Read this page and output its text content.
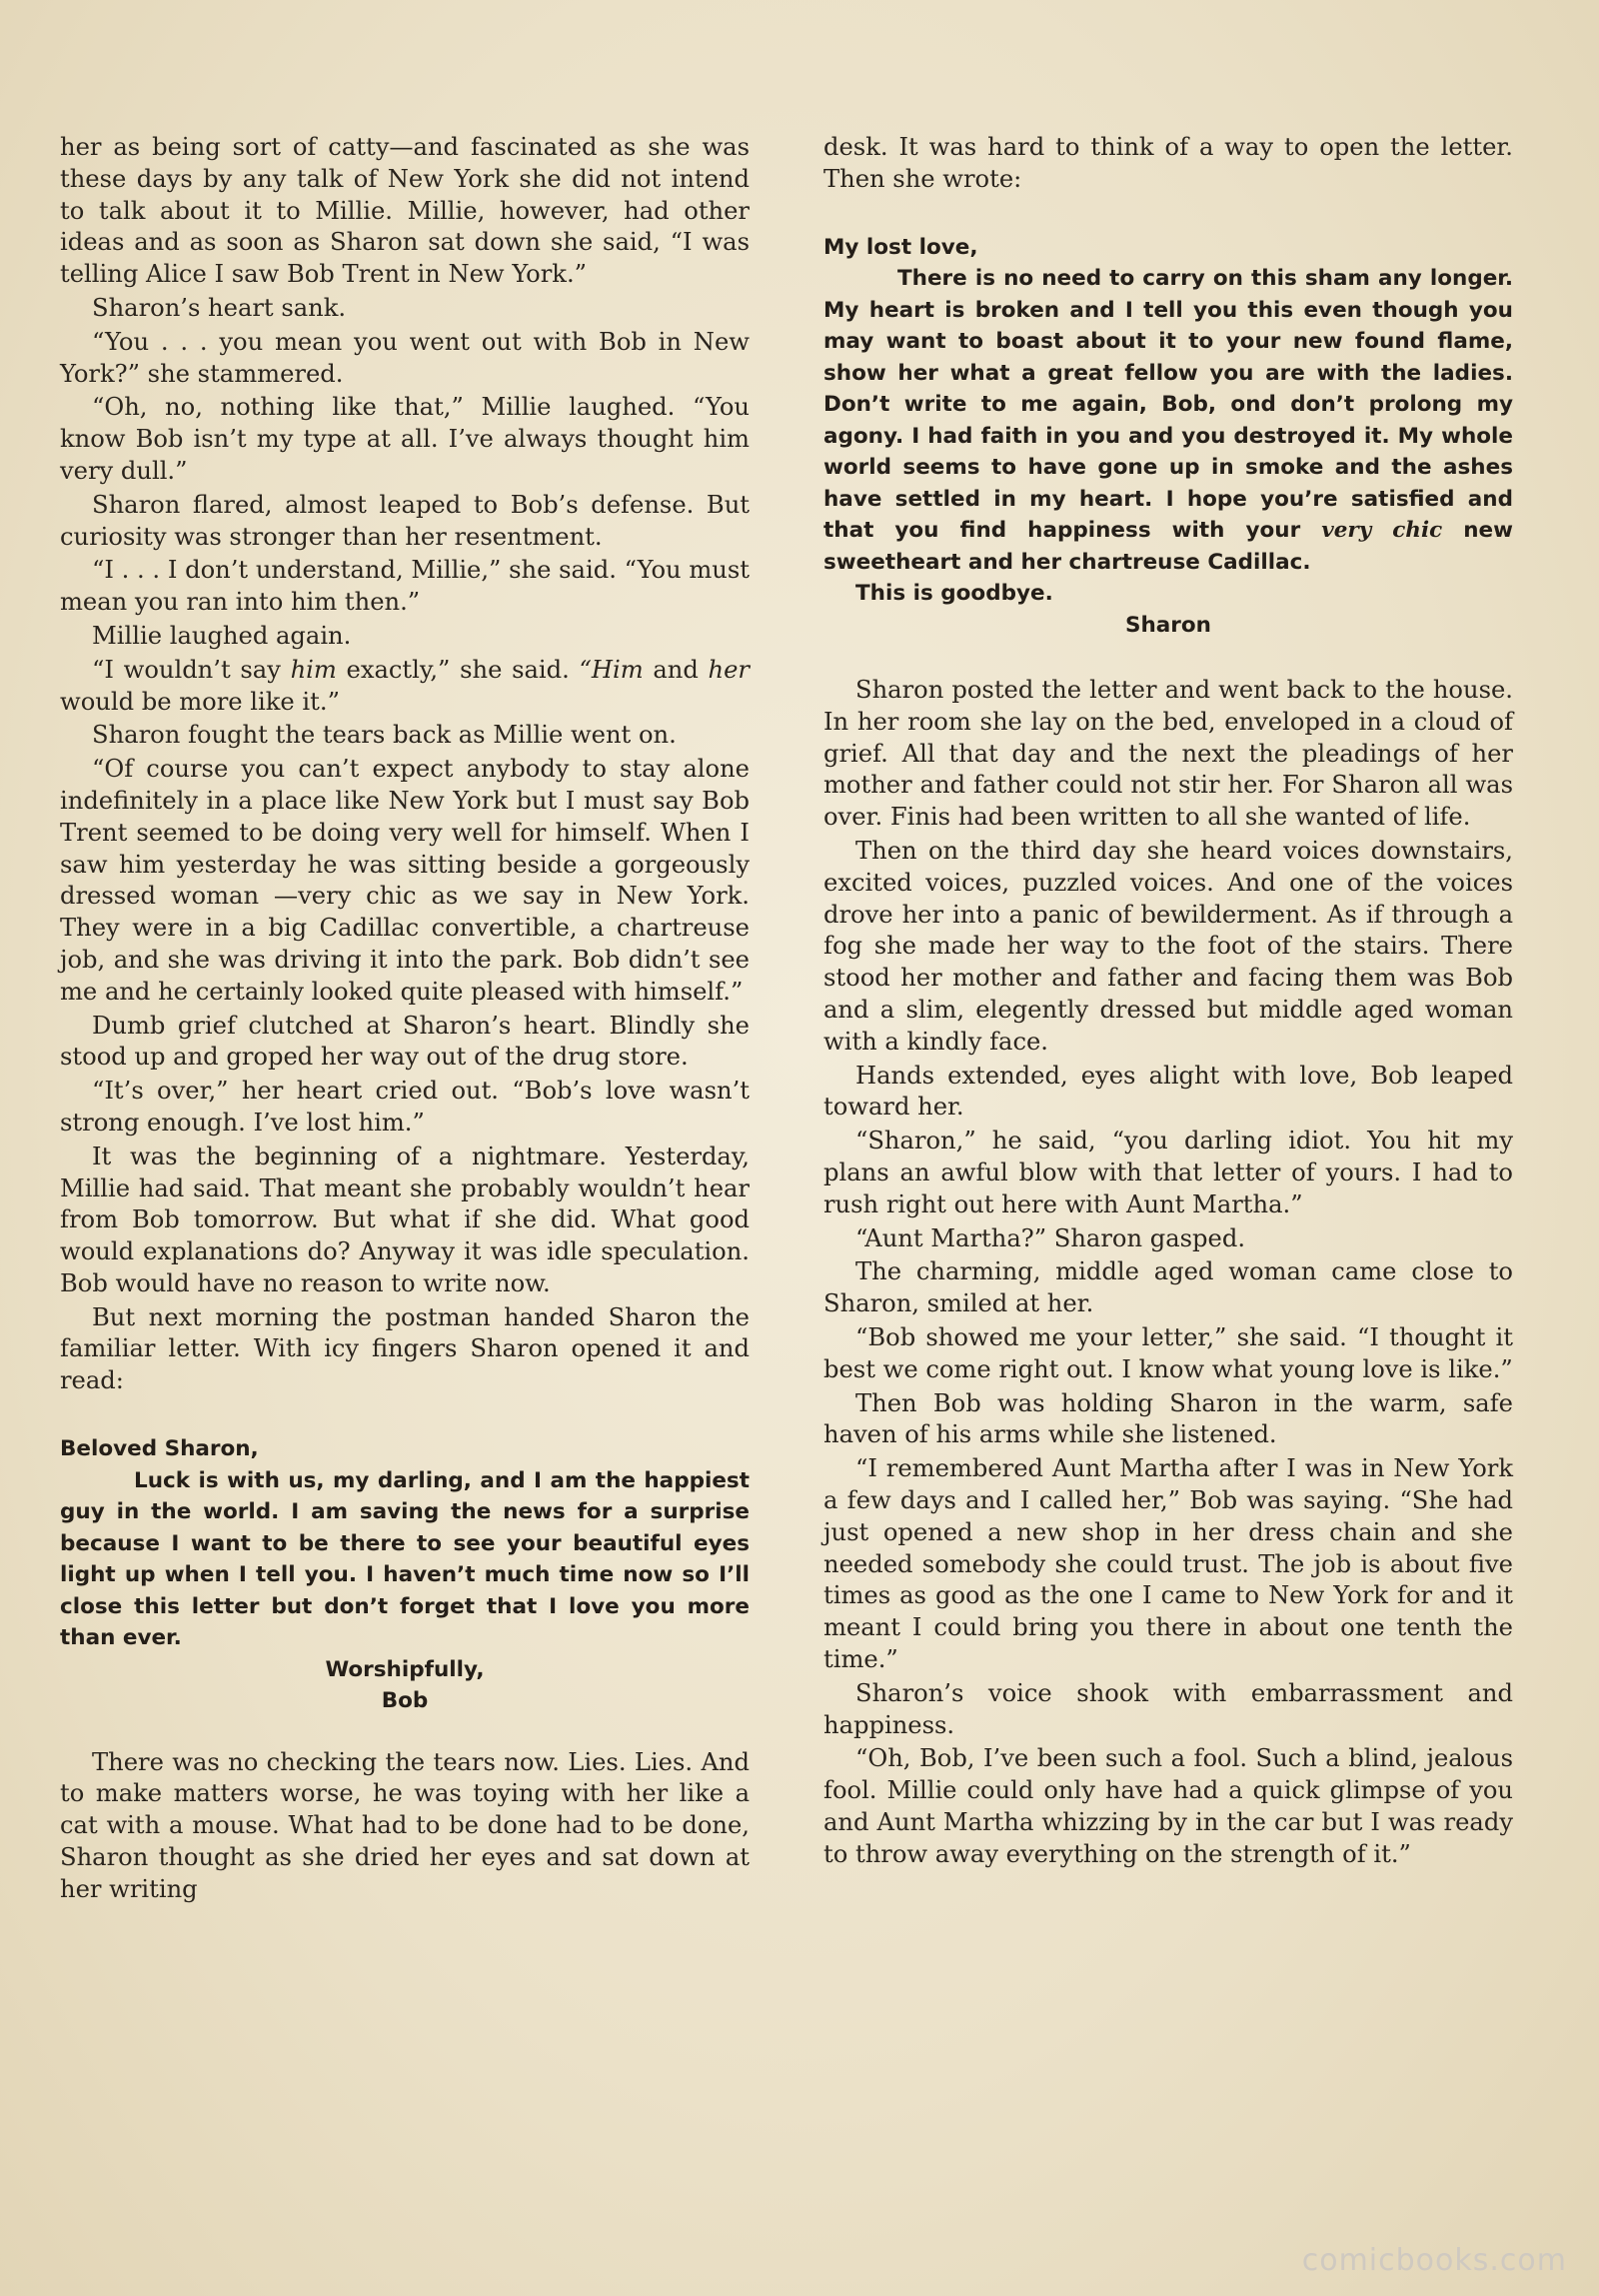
her as being sort of catty—and fascinated as she was these days by any talk of New York she did not intend to talk about it to Millie. Millie, however, had other ideas and as soon as Sharon sat down she said, “I was telling Alice I saw Bob Trent in New York.”

Sharon’s heart sank.

“You . . . you mean you went out with Bob in New York?” she stammered.

“Oh, no, nothing like that,” Millie laughed. “You know Bob isn’t my type at all. I’ve always thought him very dull.”

Sharon flared, almost leaped to Bob’s defense. But curiosity was stronger than her resentment.

“I . . . I don’t understand, Millie,” she said. “You must mean you ran into him then.”

Millie laughed again.

“I wouldn’t say him exactly,” she said. “Him and her would be more like it.”

Sharon fought the tears back as Millie went on.

“Of course you can’t expect anybody to stay alone indefinitely in a place like New York but I must say Bob Trent seemed to be doing very well for himself. When I saw him yesterday he was sitting beside a gorgeously dressed woman —very chic as we say in New York. They were in a big Cadillac convertible, a chartreuse job, and she was driving it into the park. Bob didn’t see me and he certainly looked quite pleased with himself.”

Dumb grief clutched at Sharon’s heart. Blindly she stood up and groped her way out of the drug store.

“It’s over,” her heart cried out. “Bob’s love wasn’t strong enough. I’ve lost him.”

It was the beginning of a nightmare. Yesterday, Millie had said. That meant she probably wouldn’t hear from Bob tomorrow. But what if she did. What good would explanations do? Anyway it was idle speculation. Bob would have no reason to write now.

But next morning the postman handed Sharon the familiar letter. With icy fingers Sharon opened it and read:

Beloved Sharon,

Luck is with us, my darling, and I am the happiest guy in the world. I am saving the news for a surprise because I want to be there to see your beautiful eyes light up when I tell you. I haven’t much time now so I’ll close this letter but don’t forget that I love you more than ever.

Worshipfully,

Bob

There was no checking the tears now. Lies. Lies. And to make matters worse, he was toying with her like a cat with a mouse. What had to be done had to be done, Sharon thought as she dried her eyes and sat down at her writing

desk. It was hard to think of a way to open the letter. Then she wrote:

My lost love,

There is no need to carry on this sham any longer. My heart is broken and I tell you this even though you may want to boast about it to your new found flame, show her what a great fellow you are with the ladies. Don’t write to me again, Bob, ond don’t prolong my agony. I had faith in you and you destroyed it. My whole world seems to have gone up in smoke and the ashes have settled in my heart. I hope you’re satisfied and that you find happiness with your very chic new sweetheart and her chartreuse Cadillac.

This is goodbye.

Sharon

Sharon posted the letter and went back to the house. In her room she lay on the bed, enveloped in a cloud of grief. All that day and the next the pleadings of her mother and father could not stir her. For Sharon all was over. Finis had been written to all she wanted of life.

Then on the third day she heard voices downstairs, excited voices, puzzled voices. And one of the voices drove her into a panic of bewilderment. As if through a fog she made her way to the foot of the stairs. There stood her mother and father and facing them was Bob and a slim, elegently dressed but middle aged woman with a kindly face.

Hands extended, eyes alight with love, Bob leaped toward her.

“Sharon,” he said, “you darling idiot. You hit my plans an awful blow with that letter of yours. I had to rush right out here with Aunt Martha.”

“Aunt Martha?” Sharon gasped.

The charming, middle aged woman came close to Sharon, smiled at her.

“Bob showed me your letter,” she said. “I thought it best we come right out. I know what young love is like.”

Then Bob was holding Sharon in the warm, safe haven of his arms while she listened.

“I remembered Aunt Martha after I was in New York a few days and I called her,” Bob was saying. “She had just opened a new shop in her dress chain and she needed somebody she could trust. The job is about five times as good as the one I came to New York for and it meant I could bring you there in about one tenth the time.”

Sharon’s voice shook with embarrassment and happiness.

“Oh, Bob, I’ve been such a fool. Such a blind, jealous fool. Millie could only have had a quick glimpse of you and Aunt Martha whizzing by in the car but I was ready to throw away everything on the strength of it.”

comicbooks.com
